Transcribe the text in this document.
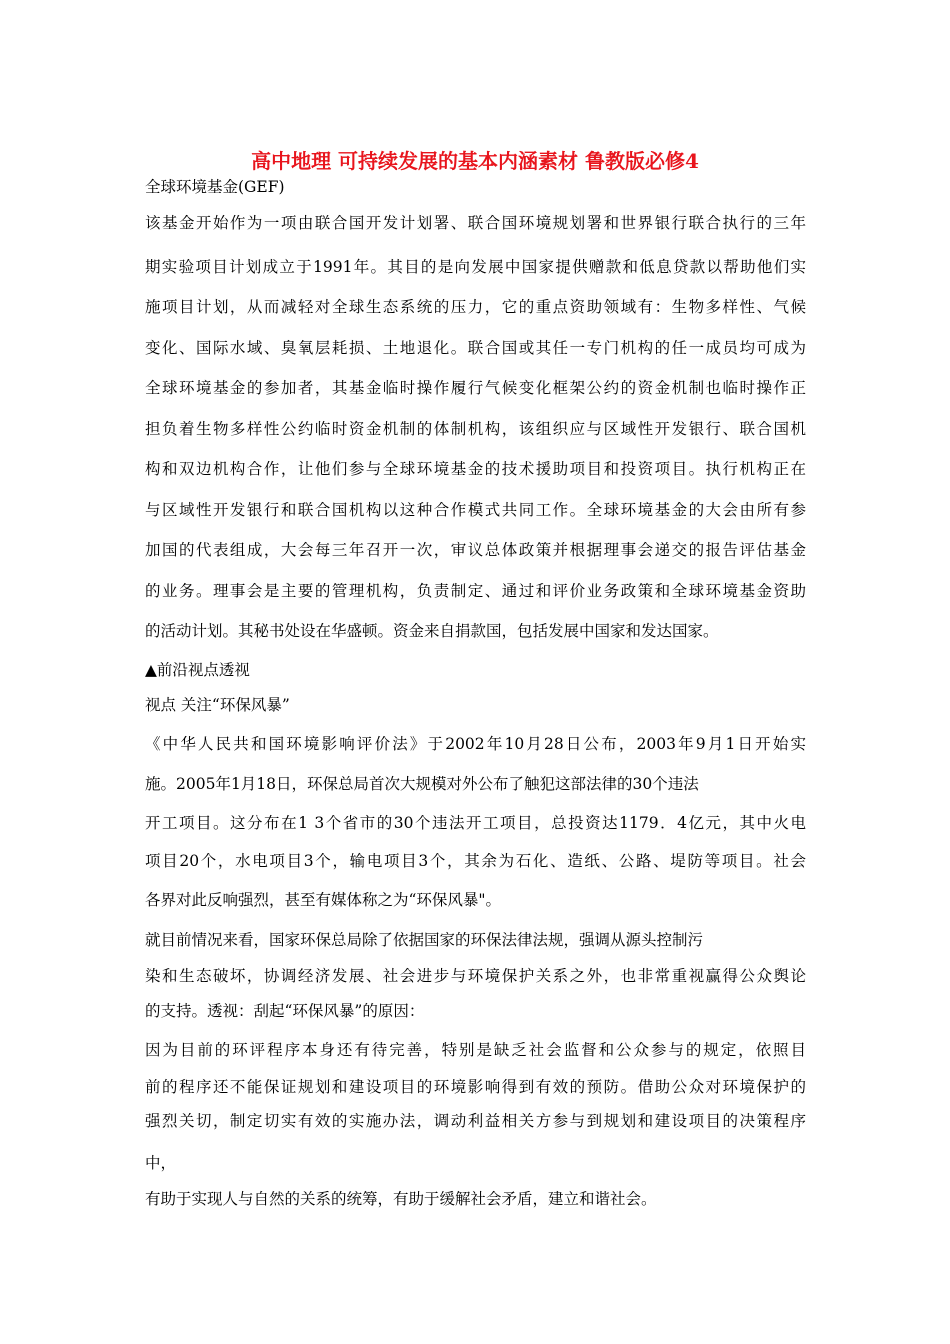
高中地理 可持续发展的基本内涵素材 鲁教版必修4
全球环境基金(GEF)
该基金开始作为一项由联合国开发计划署、联合国环境规划署和世界银行联合执行的三年
期实验项目计划成立于1991年。其目的是向发展中国家提供赠款和低息贷款以帮助他们实
施项目计划，从而减轻对全球生态系统的压力，它的重点资助领域有：生物多样性、气候
变化、国际水域、臭氧层耗损、土地退化。联合国或其任一专门机构的任一成员均可成为
全球环境基金的参加者，其基金临时操作履行气候变化框架公约的资金机制也临时操作正
担负着生物多样性公约临时资金机制的体制机构，该组织应与区域性开发银行、联合国机
构和双边机构合作，让他们参与全球环境基金的技术援助项目和投资项目。执行机构正在
与区域性开发银行和联合国机构以这种合作模式共同工作。全球环境基金的大会由所有参
加国的代表组成，大会每三年召开一次，审议总体政策并根据理事会递交的报告评估基金
的业务。理事会是主要的管理机构，负责制定、通过和评价业务政策和全球环境基金资助
的活动计划。其秘书处设在华盛顿。资金来自捐款国，包括发展中国家和发达国家。
▲前沿视点透视
视点 关注“环保风暴”
《中华人民共和国环境影响评价法》于2002年10月28日公布，2003年9月1日开始实
施。2005年1月18日，环保总局首次大规模对外公布了触犯这部法律的30个违法
开工项目。这分布在1 3个省市的30个违法开工项目，总投资达1179．4亿元，其中火电
项目20个，水电项目3个，输电项目3个，其余为石化、造纸、公路、堤防等项目。社会
各界对此反响强烈，甚至有媒体称之为“环保风暴"。
就目前情况来看，国家环保总局除了依据国家的环保法律法规，强调从源头控制污
染和生态破坏，协调经济发展、社会进步与环境保护关系之外，也非常重视赢得公众舆论
的支持。透视：刮起“环保风暴”的原因：
因为目前的环评程序本身还有待完善，特别是缺乏社会监督和公众参与的规定，依照目
前的程序还不能保证规划和建设项目的环境影响得到有效的预防。借助公众对环境保护的
强烈关切，制定切实有效的实施办法，调动利益相关方参与到规划和建设项目的决策程序
中，
有助于实现人与自然的关系的统筹，有助于缓解社会矛盾，建立和谐社会。
